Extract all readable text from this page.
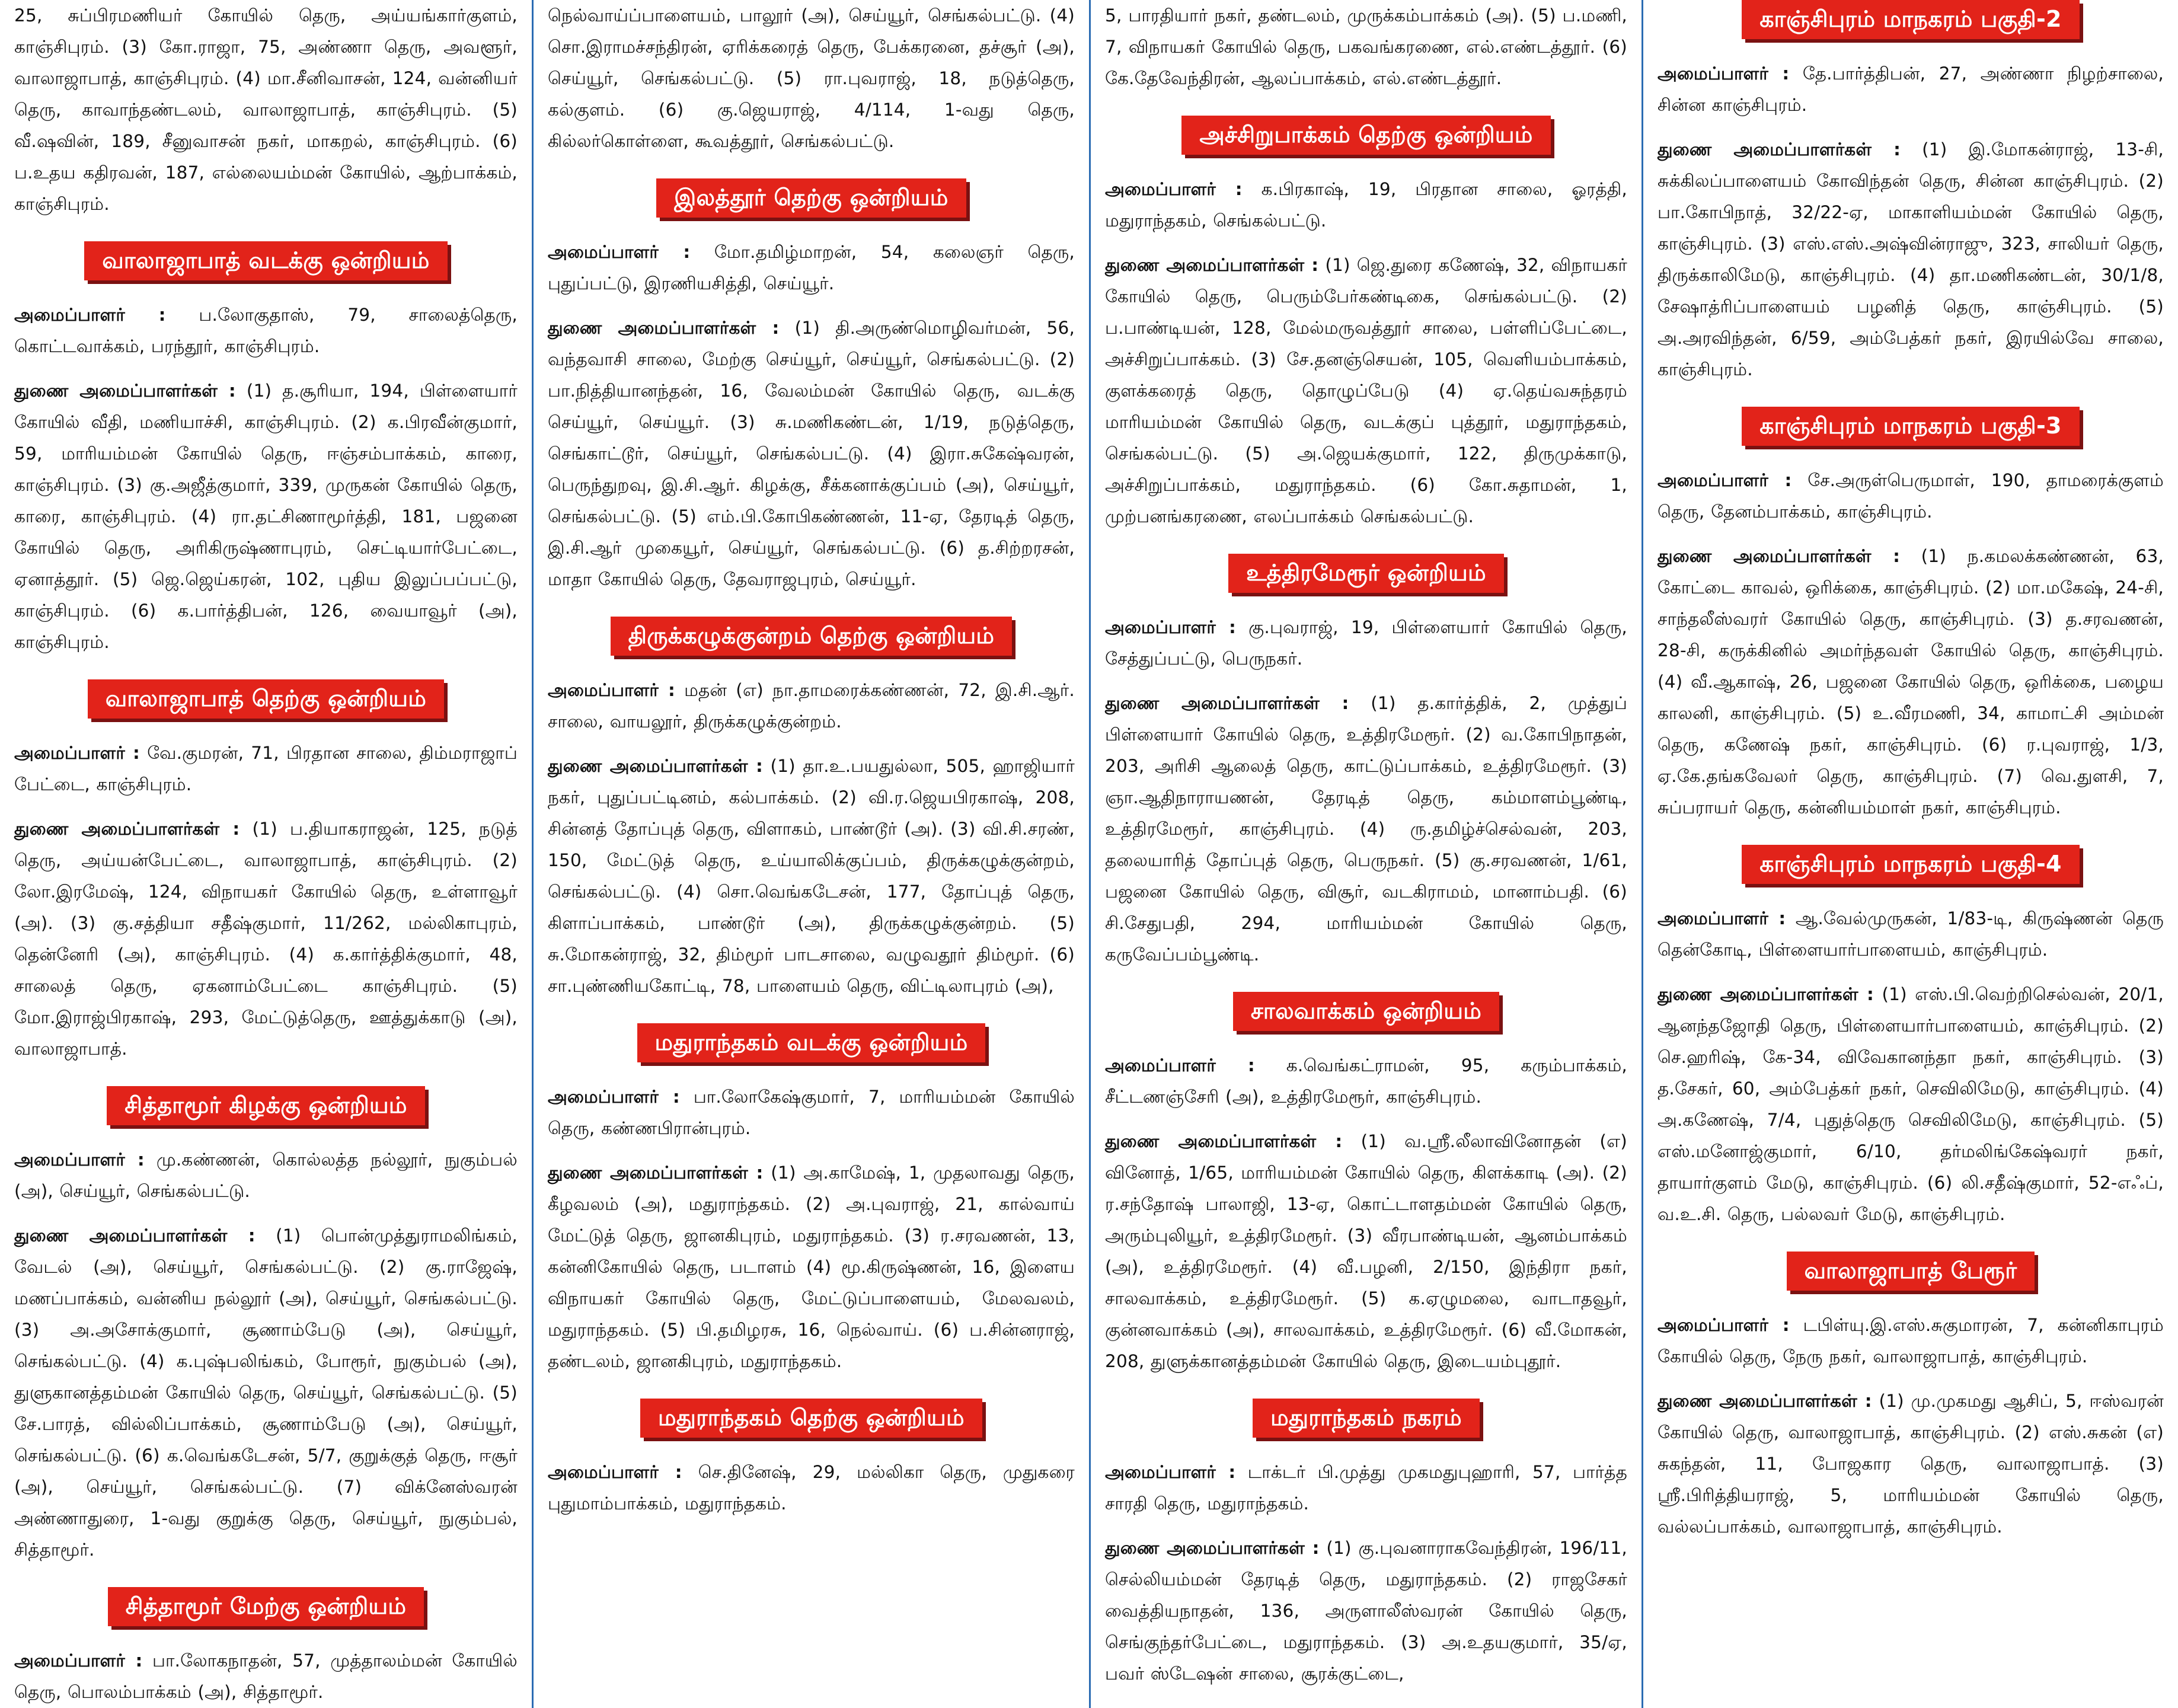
25, சுப்பிரமணியர் கோயில் தெரு, அய்யங்கார்குளம், காஞ்சிபுரம். (3) கோ.ராஜா, 75, அண்ணா தெரு, அவளூர், வாலாஜாபாத், காஞ்சிபுரம். (4) மா.சீனிவாசன், 124, வன்னியர் தெரு, காவாந்தண்டலம், வாலாஜாபாத், காஞ்சிபுரம். (5) வீ.ஷவின், 189, சீனுவாசன் நகர், மாகறல், காஞ்சிபுரம். (6) ப.உதய கதிரவன், 187, எல்லையம்மன் கோயில், ஆற்பாக்கம், காஞ்சிபுரம்.

வாலாஜாபாத் வடக்கு ஒன்றியம்

அமைப்பாளர் : ப.லோகுதாஸ், 79, சாலைத்தெரு, கொட்டவாக்கம், பரந்தூர், காஞ்சிபுரம்.

துணை அமைப்பாளர்கள் : (1) த.சூரியா, 194, பிள்ளையார் கோயில் வீதி, மணியாச்சி, காஞ்சிபுரம். (2) க.பிரவீன்குமார், 59, மாரியம்மன் கோயில் தெரு, ஈஞ்சம்பாக்கம், காரை, காஞ்சிபுரம். (3) கு.அஜீத்குமார், 339, முருகன் கோயில் தெரு, காரை, காஞ்சிபுரம். (4) ரா.தட்சிணாமூர்த்தி, 181, பஜனை கோயில் தெரு, அரிகிருஷ்ணாபுரம், செட்டியார்பேட்டை, ஏனாத்தூர். (5) ஜெ.ஜெய்கரன், 102, புதிய இலுப்பப்பட்டு, காஞ்சிபுரம். (6) க.பார்த்திபன், 126, வையாவூர் (அ), காஞ்சிபுரம்.

வாலாஜாபாத் தெற்கு ஒன்றியம்

அமைப்பாளர் : வே.குமரன், 71, பிரதான சாலை, திம்மராஜாப் பேட்டை, காஞ்சிபுரம்.

துணை அமைப்பாளர்கள் : (1) ப.தியாகராஜன், 125, நடுத் தெரு, அய்யன்பேட்டை, வாலாஜாபாத், காஞ்சிபுரம். (2) லோ.இரமேஷ், 124, விநாயகர் கோயில் தெரு, உள்ளாவூர் (அ). (3) கு.சத்தியா சதீஷ்குமார், 11/262, மல்லிகாபுரம், தென்னேரி (அ), காஞ்சிபுரம். (4) க.கார்த்திக்குமார், 48, சாலைத் தெரு, ஏகனாம்பேட்டை காஞ்சிபுரம். (5) மோ.இராஜ்பிரகாஷ், 293, மேட்டுத்தெரு, ஊத்துக்காடு (அ), வாலாஜாபாத்.

சித்தாமூர் கிழக்கு ஒன்றியம்

அமைப்பாளர் : மு.கண்ணன், கொல்லத்த நல்லூர், நுகும்பல் (அ), செய்யூர், செங்கல்பட்டு.

துணை அமைப்பாளர்கள் : (1) பொன்முத்துராமலிங்கம், வேடல் (அ), செய்யூர், செங்கல்பட்டு. (2) கு.ராஜேஷ், மணப்பாக்கம், வன்னிய நல்லூர் (அ), செய்யூர், செங்கல்பட்டு. (3) அ.அசோக்குமார், சூணாம்பேடு (அ), செய்யூர், செங்கல்பட்டு. (4) க.புஷ்பலிங்கம், போரூர், நுகும்பல் (அ), துளுகானத்தம்மன் கோயில் தெரு, செய்யூர், செங்கல்பட்டு. (5) சே.பாரத், வில்லிப்பாக்கம், சூணாம்பேடு (அ), செய்யூர், செங்கல்பட்டு. (6) க.வெங்கடேசன், 5/7, குறுக்குத் தெரு, ஈசூர் (அ), செய்யூர், செங்கல்பட்டு. (7) விக்னேஸ்வரன் அண்ணாதுரை, 1-வது குறுக்கு தெரு, செய்யூர், நுகும்பல், சித்தாமூர்.

சித்தாமூர் மேற்கு ஒன்றியம்

அமைப்பாளர் : பா.லோகநாதன், 57, முத்தாலம்மன் கோயில் தெரு, பொலம்பாக்கம் (அ), சித்தாமூர்.

நெல்வாய்ப்பாளையம், பாலூர் (அ), செய்யூர், செங்கல்பட்டு. (4) சொ.இராமச்சந்திரன், ஏரிக்கரைத் தெரு, பேக்கரனை, தச்சூர் (அ), செய்யூர், செங்கல்பட்டு. (5) ரா.புவராஜ், 18, நடுத்தெரு, கல்குளம். (6) கு.ஜெயராஜ், 4/114, 1-வது தெரு, கில்லர்கொள்ளை, கூவத்தூர், செங்கல்பட்டு.

இலத்தூர் தெற்கு ஒன்றியம்

அமைப்பாளர் : மோ.தமிழ்மாறன், 54, கலைஞர் தெரு, புதுப்பட்டு, இரணியசித்தி, செய்யூர்.

துணை அமைப்பாளர்கள் : (1) தி.அருண்மொழிவர்மன், 56, வந்தவாசி சாலை, மேற்கு செய்யூர், செய்யூர், செங்கல்பட்டு. (2) பா.நித்தியானந்தன், 16, வேலம்மன் கோயில் தெரு, வடக்கு செய்யூர், செய்யூர். (3) சு.மணிகண்டன், 1/19, நடுத்தெரு, செங்காட்டூர், செய்யூர், செங்கல்பட்டு. (4) இரா.சுகேஷ்வரன், பெருந்துறவு, இ.சி.ஆர். கிழக்கு, சீக்கனாக்குப்பம் (அ), செய்யூர், செங்கல்பட்டு. (5) எம்.பி.கோபிகண்ணன், 11-ஏ, தேரடித் தெரு, இ.சி.ஆர் முகையூர், செய்யூர், செங்கல்பட்டு. (6) த.சிற்றரசன், மாதா கோயில் தெரு, தேவராஜபுரம், செய்யூர்.

திருக்கழுக்குன்றம் தெற்கு ஒன்றியம்

அமைப்பாளர் : மதன் (எ) நா.தாமரைக்கண்ணன், 72, இ.சி.ஆர். சாலை, வாயலூர், திருக்கழுக்குன்றம்.

துணை அமைப்பாளர்கள் : (1) தா.உ.பயதுல்லா, 505, ஹாஜியார் நகர், புதுப்பட்டினம், கல்பாக்கம். (2) வி.ர.ஜெயபிரகாஷ், 208, சின்னத் தோப்புத் தெரு, விளாகம், பாண்டூர் (அ). (3) வி.சி.சரண், 150, மேட்டுத் தெரு, உய்யாலிக்குப்பம், திருக்கழுக்குன்றம், செங்கல்பட்டு. (4) சொ.வெங்கடேசன், 177, தோப்புத் தெரு, கிளாப்பாக்கம், பாண்டூர் (அ), திருக்கழுக்குன்றம். (5) சு.மோகன்ராஜ், 32, திம்மூர் பாடசாலை, வழுவதூர் திம்மூர். (6) சா.புண்ணியகோட்டி, 78, பாளையம் தெரு, விட்டிலாபுரம் (அ),

மதுராந்தகம் வடக்கு ஒன்றியம்

அமைப்பாளர் : பா.லோகேஷ்குமார், 7, மாரியம்மன் கோயில் தெரு, கண்ணபிரான்புரம்.

துணை அமைப்பாளர்கள் : (1) அ.காமேஷ், 1, முதலாவது தெரு, கீழவலம் (அ), மதுராந்தகம். (2) அ.புவராஜ், 21, கால்வாய் மேட்டுத் தெரு, ஜானகிபுரம், மதுராந்தகம். (3) ர.சரவணன், 13, கன்னிகோயில் தெரு, படாளம் (4) மூ.கிருஷ்ணன், 16, இளைய விநாயகர் கோயில் தெரு, மேட்டுப்பாளையம், மேலவலம், மதுராந்தகம். (5) பி.தமிழரசு, 16, நெல்வாய். (6) ப.சின்னராஜ், தண்டலம், ஜானகிபுரம், மதுராந்தகம்.

மதுராந்தகம் தெற்கு ஒன்றியம்

அமைப்பாளர் : செ.தினேஷ், 29, மல்லிகா தெரு, முதுகரை புதுமாம்பாக்கம், மதுராந்தகம்.

5, பாரதியார் நகர், தண்டலம், முருக்கம்பாக்கம் (அ). (5) ப.மணி, 7, விநாயகர் கோயில் தெரு, பகவங்கரணை, எல்.எண்டத்தூர். (6) கே.தேவேந்திரன், ஆலப்பாக்கம், எல்.எண்டத்தூர்.

அச்சிறுபாக்கம் தெற்கு ஒன்றியம்

அமைப்பாளர் : க.பிரகாஷ், 19, பிரதான சாலை, ஓரத்தி, மதுராந்தகம், செங்கல்பட்டு.

துணை அமைப்பாளர்கள் : (1) ஜெ.துரை கணேஷ், 32, விநாயகர் கோயில் தெரு, பெரும்பேர்கண்டிகை, செங்கல்பட்டு. (2) ப.பாண்டியன், 128, மேல்மருவத்தூர் சாலை, பள்ளிப்பேட்டை, அச்சிறுப்பாக்கம். (3) சே.தனஞ்செயன், 105, வெளியம்பாக்கம், குளக்கரைத் தெரு, தொழுப்பேடு (4) ஏ.தெய்வசுந்தரம் மாரியம்மன் கோயில் தெரு, வடக்குப் புத்தூர், மதுராந்தகம், செங்கல்பட்டு. (5) அ.ஜெயக்குமார், 122, திருமுக்காடு, அச்சிறுப்பாக்கம், மதுராந்தகம். (6) கோ.சுதாமன், 1, முற்பனங்கரணை, எலப்பாக்கம் செங்கல்பட்டு.

உத்திரமேரூர் ஒன்றியம்

அமைப்பாளர் : கு.புவராஜ், 19, பிள்ளையார் கோயில் தெரு, சேத்துப்பட்டு, பெருநகர்.

துணை அமைப்பாளர்கள் : (1) த.கார்த்திக், 2, முத்துப் பிள்ளையார் கோயில் தெரு, உத்திரமேரூர். (2) வ.கோபிநாதன், 203, அரிசி ஆலைத் தெரு, காட்டுப்பாக்கம், உத்திரமேரூர். (3) ஞா.ஆதிநாராயணன், தேரடித் தெரு, கம்மாளம்பூண்டி, உத்திரமேரூர், காஞ்சிபுரம். (4) ரு.தமிழ்ச்செல்வன், 203, தலையாரித் தோப்புத் தெரு, பெருநகர். (5) கு.சரவணன், 1/61, பஜனை கோயில் தெரு, விசூர், வடகிராமம், மானாம்பதி. (6) சி.சேதுபதி, 294, மாரியம்மன் கோயில் தெரு, கருவேப்பம்பூண்டி.

சாலவாக்கம் ஒன்றியம்

அமைப்பாளர் : க.வெங்கட்ராமன், 95, கரும்பாக்கம், சீட்டணஞ்சேரி (அ), உத்திரமேரூர், காஞ்சிபுரம்.

துணை அமைப்பாளர்கள் : (1) வ.ஸ்ரீ.லீலாவினோதன் (எ) வினோத், 1/65, மாரியம்மன் கோயில் தெரு, கிளக்காடி (அ). (2) ர.சந்தோஷ் பாலாஜி, 13-ஏ, கொட்டாளதம்மன் கோயில் தெரு, அரும்புலியூர், உத்திரமேரூர். (3) வீரபாண்டியன், ஆனம்பாக்கம் (அ), உத்திரமேரூர். (4) வீ.பழனி, 2/150, இந்திரா நகர், சாலவாக்கம், உத்திரமேரூர். (5) க.ஏழுமலை, வாடாதவூர், குன்னவாக்கம் (அ), சாலவாக்கம், உத்திரமேரூர். (6) வீ.மோகன், 208, துளுக்கானத்தம்மன் கோயில் தெரு, இடையம்புதூர்.

மதுராந்தகம் நகரம்

அமைப்பாளர் : டாக்டர் பி.முத்து முகமதுபுஹாரி, 57, பார்த்த சாரதி தெரு, மதுராந்தகம்.

துணை அமைப்பாளர்கள் : (1) கு.புவனாராகவேந்திரன், 196/11, செல்லியம்மன் தேரடித் தெரு, மதுராந்தகம். (2) ராஜசேகர் வைத்தியநாதன், 136, அருளாலீஸ்வரன் கோயில் தெரு, செங்குந்தர்பேட்டை, மதுராந்தகம். (3) அ.உதயகுமார், 35/ஏ, பவர் ஸ்டேஷன் சாலை, சூரக்குட்டை,

காஞ்சிபுரம் மாநகரம் பகுதி-2

அமைப்பாளர் : தே.பார்த்திபன், 27, அண்ணா நிழற்சாலை, சின்ன காஞ்சிபுரம்.

துணை அமைப்பாளர்கள் : (1) இ.மோகன்ராஜ், 13-சி, சுக்கிலப்பாளையம் கோவிந்தன் தெரு, சின்ன காஞ்சிபுரம். (2) பா.கோபிநாத், 32/22-ஏ, மாகாளியம்மன் கோயில் தெரு, காஞ்சிபுரம். (3) எஸ்.எஸ்.அஷ்வின்ராஜு, 323, சாலியர் தெரு, திருக்காலிமேடு, காஞ்சிபுரம். (4) தா.மணிகண்டன், 30/1/8, சேஷாத்ரிப்பாளையம் பழனித் தெரு, காஞ்சிபுரம். (5) அ.அரவிந்தன், 6/59, அம்பேத்கர் நகர், இரயில்வே சாலை, காஞ்சிபுரம்.

காஞ்சிபுரம் மாநகரம் பகுதி-3

அமைப்பாளர் : சே.அருள்பெருமாள், 190, தாமரைக்குளம் தெரு, தேனம்பாக்கம், காஞ்சிபுரம்.

துணை அமைப்பாளர்கள் : (1) ந.கமலக்கண்ணன், 63, கோட்டை காவல், ஒரிக்கை, காஞ்சிபுரம். (2) மா.மகேஷ், 24-சி, சாந்தலீஸ்வரர் கோயில் தெரு, காஞ்சிபுரம். (3) த.சரவணன், 28-சி, கருக்கினில் அமர்ந்தவள் கோயில் தெரு, காஞ்சிபுரம். (4) வீ.ஆகாஷ், 26, பஜனை கோயில் தெரு, ஒரிக்கை, பழைய காலனி, காஞ்சிபுரம். (5) உ.வீரமணி, 34, காமாட்சி அம்மன் தெரு, கணேஷ் நகர், காஞ்சிபுரம். (6) ர.புவராஜ், 1/3, ஏ.கே.தங்கவேலர் தெரு, காஞ்சிபுரம். (7) வெ.துளசி, 7, சுப்பராயர் தெரு, கன்னியம்மாள் நகர், காஞ்சிபுரம்.

காஞ்சிபுரம் மாநகரம் பகுதி-4

அமைப்பாளர் : ஆ.வேல்முருகன், 1/83-டி, கிருஷ்ணன் தெரு தென்கோடி, பிள்ளையார்பாளையம், காஞ்சிபுரம்.

துணை அமைப்பாளர்கள் : (1) எஸ்.பி.வெற்றிசெல்வன், 20/1, ஆனந்தஜோதி தெரு, பிள்ளையார்பாளையம், காஞ்சிபுரம். (2) செ.ஹரிஷ், கே-34, விவேகானந்தா நகர், காஞ்சிபுரம். (3) த.சேகர், 60, அம்பேத்கர் நகர், செவிலிமேடு, காஞ்சிபுரம். (4) அ.கணேஷ், 7/4, புதுத்தெரு செவிலிமேடு, காஞ்சிபுரம். (5) எஸ்.மனோஜ்குமார், 6/10, தர்மலிங்கேஷ்வரர் நகர், தாயார்குளம் மேடு, காஞ்சிபுரம். (6) லி.சதீஷ்குமார், 52-எஃப், வ.உ.சி. தெரு, பல்லவர் மேடு, காஞ்சிபுரம்.

வாலாஜாபாத் பேரூர்

அமைப்பாளர் : டபிள்யு.இ.எஸ்.சுகுமாரன், 7, கன்னிகாபுரம் கோயில் தெரு, நேரு நகர், வாலாஜாபாத், காஞ்சிபுரம்.

துணை அமைப்பாளர்கள் : (1) மு.முகமது ஆசிப், 5, ஈஸ்வரன் கோயில் தெரு, வாலாஜாபாத், காஞ்சிபுரம். (2) எஸ்.சுகன் (எ) சுகந்தன், 11, போஜகார தெரு, வாலாஜாபாத். (3) ஸ்ரீ.பிரித்தியராஜ், 5, மாரியம்மன் கோயில் தெரு, வல்லப்பாக்கம், வாலாஜாபாத், காஞ்சிபுரம்.
